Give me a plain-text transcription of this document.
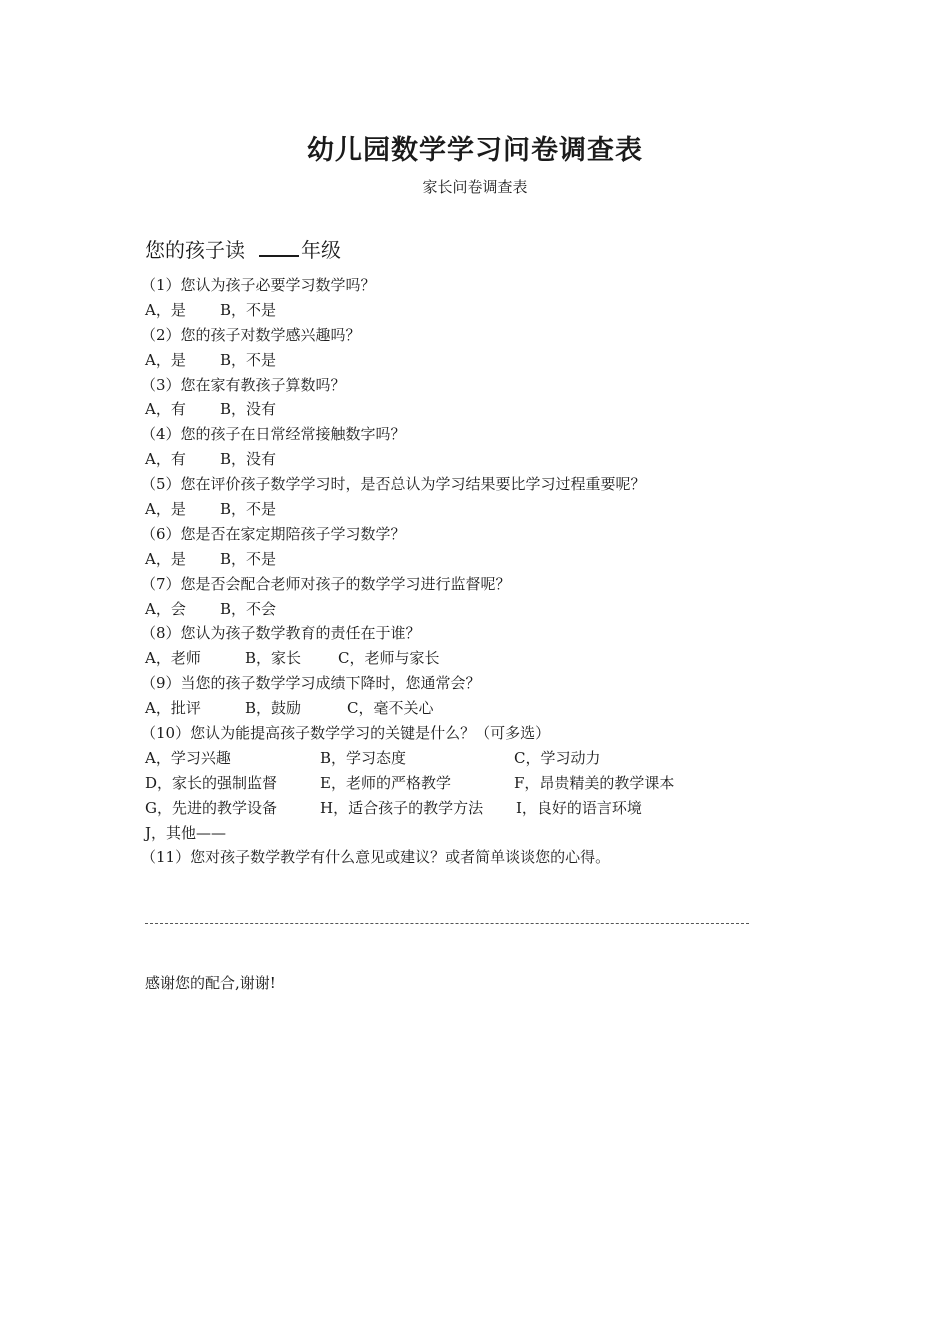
幼儿园数学学习问卷调查表
家长问卷调查表
您的孩子读	年级
（1）您认为孩子必要学习数学吗？
A，是 B，不是
（2）您的孩子对数学感兴趣吗？
A，是 B，不是
（3）您在家有教孩子算数吗？
A，有 B，没有
（4）您的孩子在日常经常接触数字吗？
A，有 B，没有
（5）您在评价孩子数学学习时，是否总认为学习结果要比学习过程重要呢？
A，是 B，不是
（6）您是否在家定期陪孩子学习数学？
A，是 B，不是
（7）您是否会配合老师对孩子的数学学习进行监督呢？
A，会 B，不会
（8）您认为孩子数学教育的责任在于谁？
A，老师	B，家长 C，老师与家长
（9）当您的孩子数学学习成绩下降时，您通常会？
A，批评	B，鼓励	C，毫不关心
（10）您认为能提高孩子数学学习的关键是什么？（可多选）
A，学习兴趣	B，学习态度	C，学习动力
D，家长的强制监督	E，老师的严格教学	F，昂贵精美的教学课本
G，先进的教学设备	H，适合孩子的教学方法 I，良好的语言环境
J，其他——
（11）您对孩子数学教学有什么意见或建议？或者简单谈谈您的心得。
感谢您的配合,谢谢!
